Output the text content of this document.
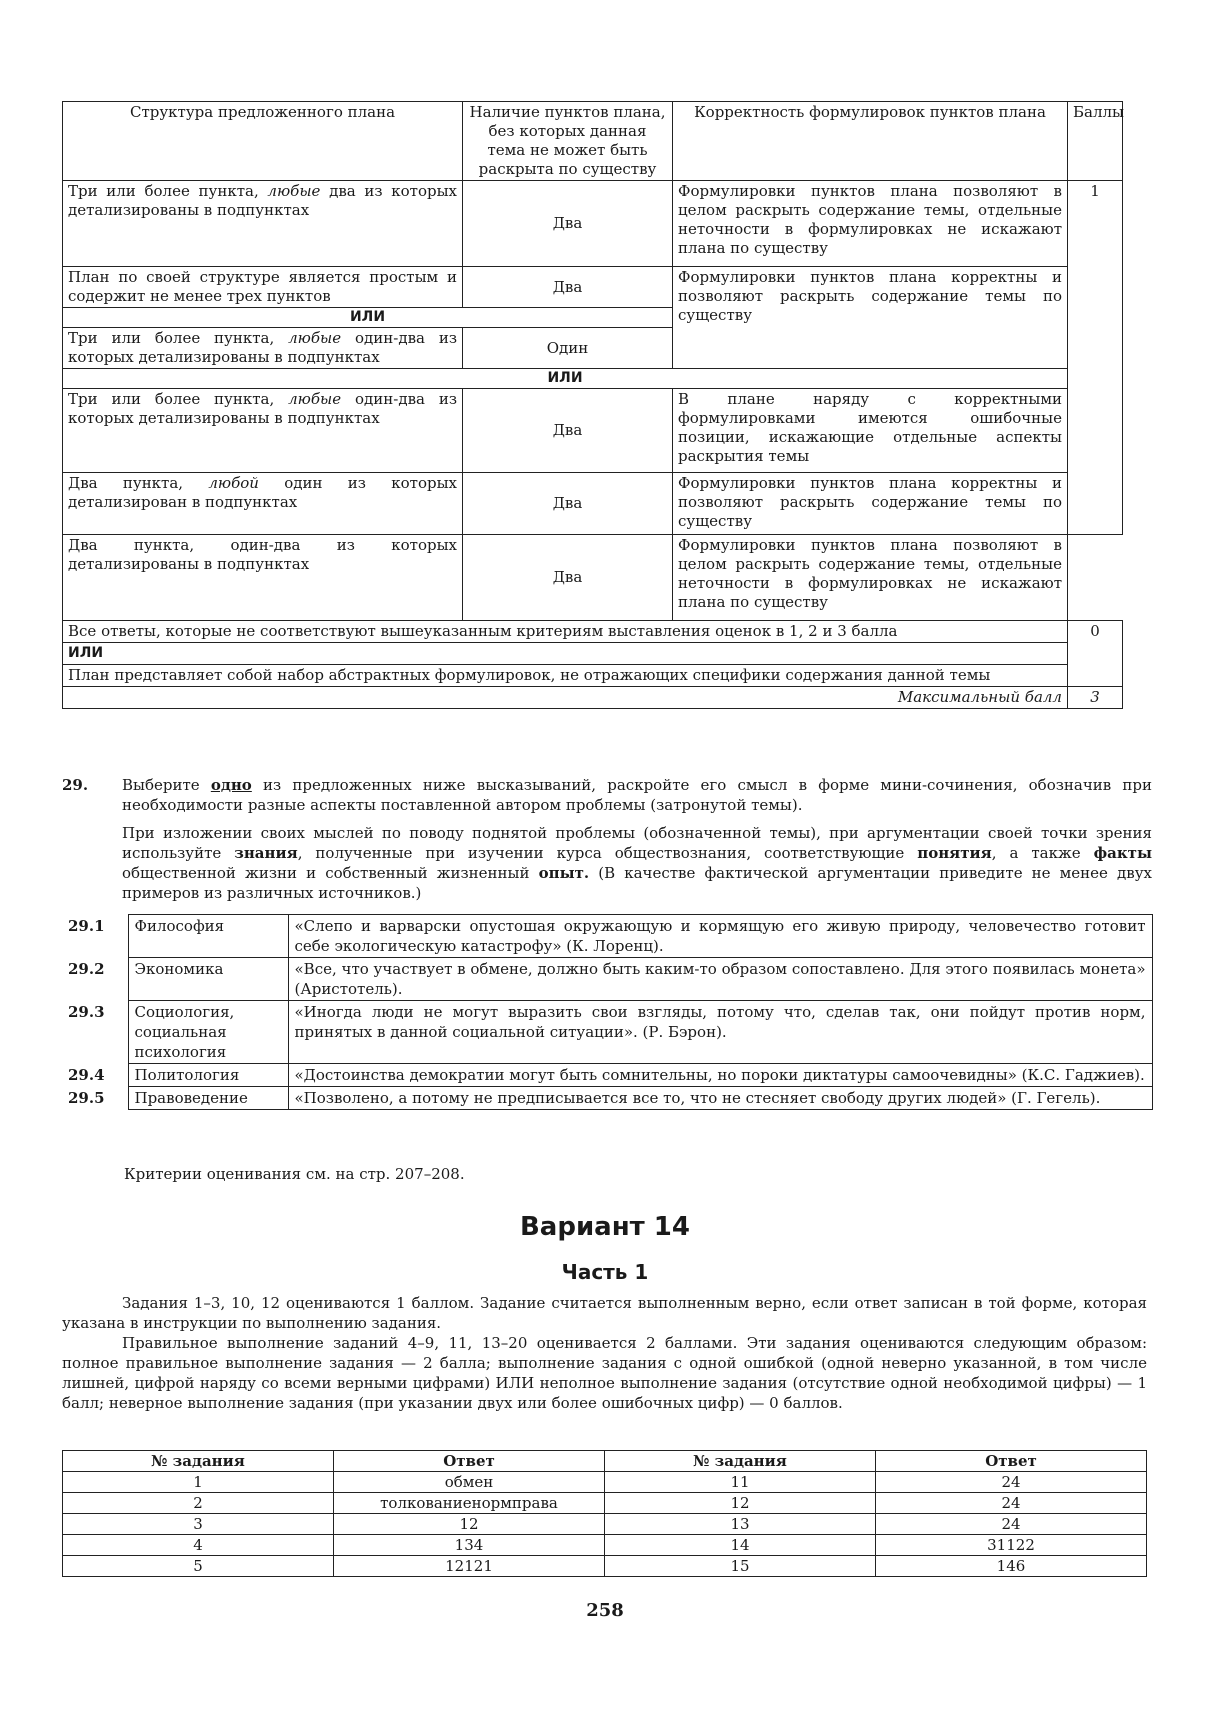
Структура предложенного плана	Наличие пунктов плана, без которых данная тема не может быть раскрыта по существу	Корректность формулировок пунктов плана	Баллы
Три или более пункта, любые два из которых детализированы в подпунктах	Два	Формулировки пунктов плана позволяют в целом раскрыть содержание темы, отдельные неточности в формулировках не искажают плана по существу	1
План по своей структуре является простым и содержит не менее трех пунктов	Два	Формулировки пунктов плана корректны и позволяют раскрыть содержание темы по существу	
ИЛИ			
Три или более пункта, любые один-два из которых детализированы в подпунктах	Один		
ИЛИ			
Три или более пункта, любые один-два из которых детализированы в подпунктах	Два	В плане наряду с корректными формулировками имеются ошибочные позиции, искажающие отдельные аспекты раскрытия темы	
Два пункта, любой один из которых детализирован в подпунктах	Два	Формулировки пунктов плана корректны и позволяют раскрыть содержание темы по существу	
Два пункта, один-два из которых детализированы в подпунктах	Два	Формулировки пунктов плана позволяют в целом раскрыть содержание темы, отдельные неточности в формулировках не искажают плана по существу	
Все ответы, которые не соответствуют вышеуказанным критериям выставления оценок в 1, 2 и 3 балла			0
ИЛИ			
План представляет собой набор абстрактных формулировок, не отражающих специфики содержания данной темы			
Максимальный балл			3
29. Выберите одно из предложенных ниже высказываний, раскройте его смысл в форме мини-сочинения, обозначив при необходимости разные аспекты поставленной автором проблемы (затронутой темы).
При изложении своих мыслей по поводу поднятой проблемы (обозначенной темы), при аргументации своей точки зрения используйте знания, полученные при изучении курса обществознания, соответствующие понятия, а также факты общественной жизни и собственный жизненный опыт. (В качестве фактической аргументации приведите не менее двух примеров из различных источников.)
29.1	Философия	«Слепо и варварски опустошая окружающую и кормящую его живую природу, человечество готовит себе экологическую катастрофу» (К. Лоренц).
29.2	Экономика	«Все, что участвует в обмене, должно быть каким-то образом сопоставлено. Для этого появилась монета» (Аристотель).
29.3	Социология, социальная психология	«Иногда люди не могут выразить свои взгляды, потому что, сделав так, они пойдут против норм, принятых в данной социальной ситуации». (Р. Бэрон).
29.4	Политология	«Достоинства демократии могут быть сомнительны, но пороки диктатуры самоочевидны» (К.С. Гаджиев).
29.5	Правоведение	«Позволено, а потому не предписывается все то, что не стесняет свободу других людей» (Г. Гегель).
Критерии оценивания см. на стр. 207–208.
Вариант 14
Часть 1

Задания 1–3, 10, 12 оцениваются 1 баллом. Задание считается выполненным верно, если ответ записан в той форме, которая указана в инструкции по выполнению задания.

Правильное выполнение заданий 4–9, 11, 13–20 оценивается 2 баллами. Эти задания оцениваются следующим образом: полное правильное выполнение задания — 2 балла; выполнение задания с одной ошибкой (одной неверно указанной, в том числе лишней, цифрой наряду со всеми верными цифрами) ИЛИ неполное выполнение задания (отсутствие одной необходимой цифры) — 1 балл; неверное выполнение задания (при указании двух или более ошибочных цифр) — 0 баллов.

№ задания	Ответ	№ задания	Ответ
1	обмен	11	24
2	толкованиенормправа	12	24
3	12	13	24
4	134	14	31122
5	12121	15	146
258
